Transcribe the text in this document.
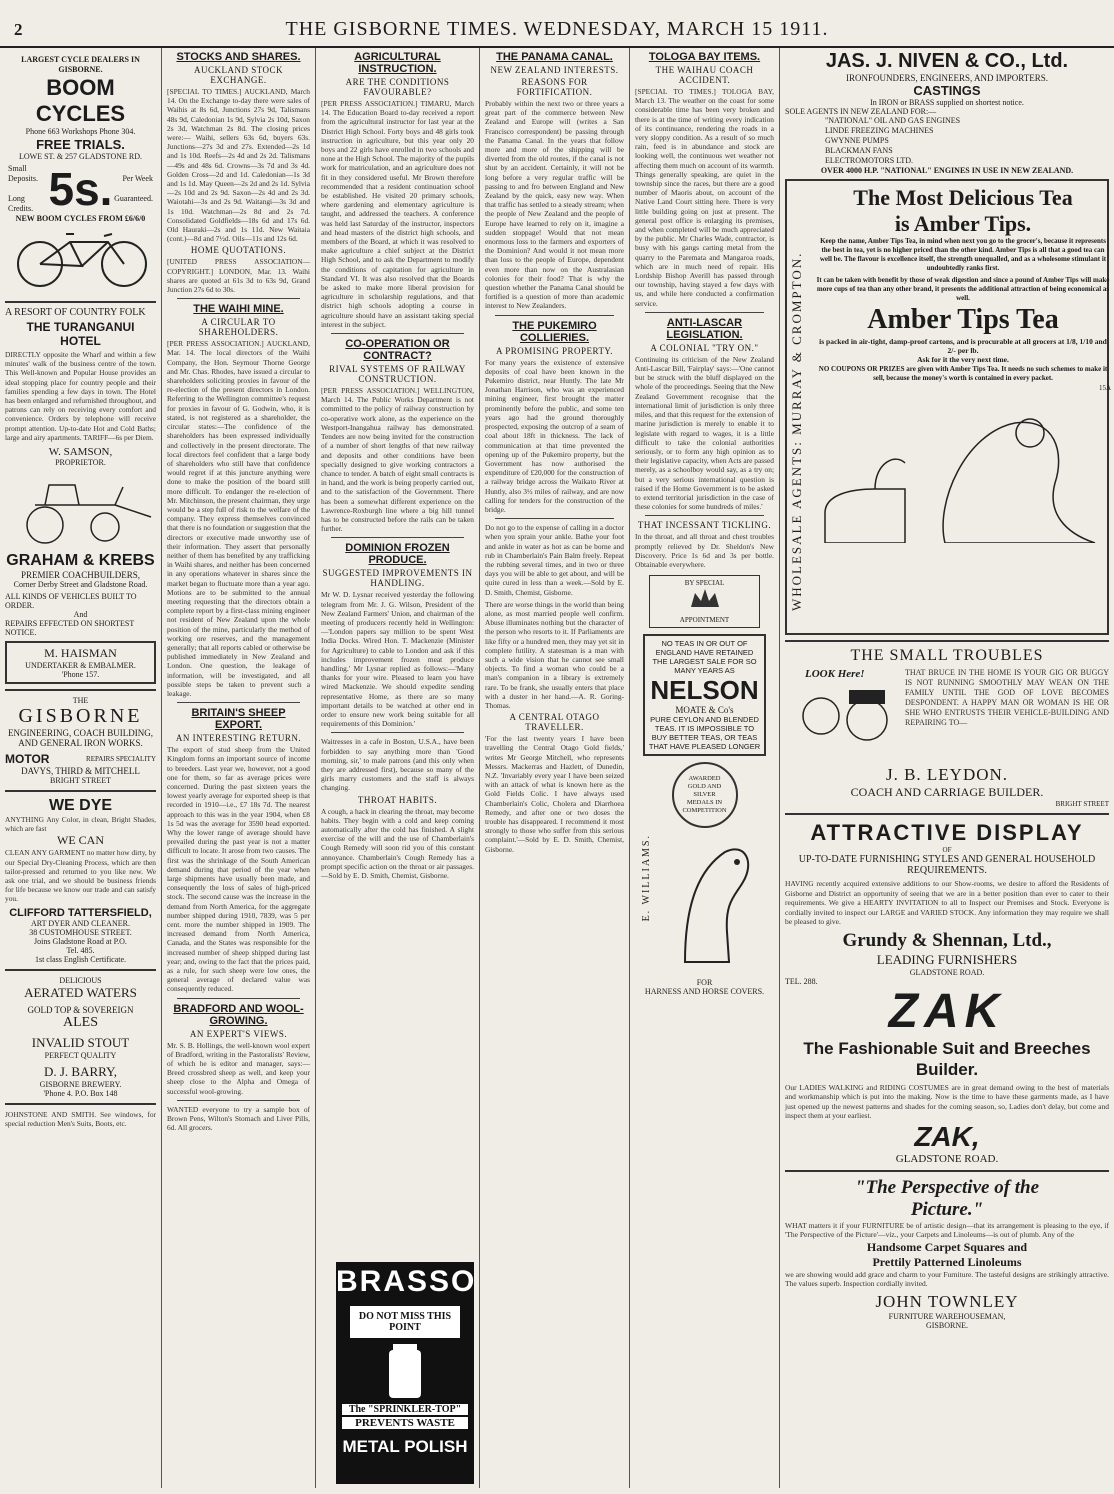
2	THE GISBORNE TIMES. WEDNESDAY, MARCH 15 1911.
LARGEST CYCLE DEALERS IN GISBORNE.
BOOM CYCLES
Phone 663 Workshops Phone 304.
FREE TRIALS.
LOWE ST. & 257 GLADSTONE RD.
Small Deposits.
Long Credits. 5s.	Per Week
Guaranteed.
NEW BOOM CYCLES FROM £6/6/0
A RESORT OF COUNTRY FOLK
THE TURANGANUI HOTEL
DIRECTLY opposite the Wharf and within a few minutes' walk of the business centre of the town. This Well-known and Popular House provides an ideal stopping place for country people and their families spending a few days in town. The Hotel has been enlarged and refurnished throughout, and patrons can rely on receiving every comfort and convenience. Orders by telephone will receive prompt attention. Up-to-date Hot and Cold Baths; large and airy apartments. TARIFF—6s per Diem.
W. SAMSON,
PROPRIETOR.
GRAHAM & KREBS
PREMIER COACHBUILDERS,
Corner Derby Street and Gladstone Road.
ALL KINDS OF VEHICLES BUILT TO ORDER.
And
REPAIRS EFFECTED ON SHORTEST NOTICE.
M. HAISMAN
UNDERTAKER & EMBALMER.
'Phone 157.
THE
GISBORNE
ENGINEERING, COACH BUILDING, AND GENERAL IRON WORKS.
MOTOR	REPAIRS SPECIALITY
DAVYS, THIRD & MITCHELL
BRIGHT STREET
WE DYE
ANYTHING Any Color, in clean, Bright Shades, which are fast
WE CAN
CLEAN ANY GARMENT no matter how dirty, by our Special Dry-Cleaning Process, which are then tailor-pressed and returned to you like new. We ask one trial, and we should be business friends for life because we know our trade and can satisfy you.
CLIFFORD TATTERSFIELD,
ART DYER AND CLEANER.
38 CUSTOMHOUSE STREET.
Joins Gladstone Road at P.O.
Tel. 485.
1st class English Certificate.
DELICIOUS
AERATED WATERS
GOLD TOP & SOVEREIGN
ALES
INVALID STOUT
PERFECT QUALITY
D. J. BARRY,
GISBORNE BREWERY.
'Phone 4. P.O. Box 148
JOHNSTONE AND SMITH. See windows, for special reduction Men's Suits, Boots, etc.
STOCKS AND SHARES.
AUCKLAND STOCK EXCHANGE.
[SPECIAL TO TIMES.] AUCKLAND, March 14. On the Exchange to-day there were sales of Waihis at 8s 6d, Junctions 27s 9d, Talismans 48s 9d, Caledonian 1s 9d, Sylvia 2s 10d, Saxon 2s 3d, Watchman 2s 8d. The closing prices were:— Waihi, sellers 63s 6d, buyers 63s. Junctions—27s 3d and 27s. Extended—2s 1d and 1s 10d. Reefs—2s 4d and 2s 2d. Talismans—49s and 48s 6d. Crowns—3s 7d and 3s 4d. Golden Cross—2d and 1d. Caledonian—1s 3d and 1s 1d. May Queen—2s 2d and 2s 1d. Sylvia—2s 10d and 2s 9d. Saxon—2s 4d and 2s 3d. Waiotahi—3s and 2s 9d. Waitangi—3s 3d and 1s 10d. Watchman—2s 8d and 2s 7d. Consolidated Goldfields—18s 6d and 17s 6d. Old Hauraki—2s and 1s 11d. New Waitaia (cont.)—8d and 7½d. Oils—11s and 12s 6d.
HOME QUOTATIONS.
[UNITED PRESS ASSOCIATION—COPYRIGHT.] LONDON, Mar. 13. Waihi shares are quoted at 61s 3d to 63s 9d, Grand Junction 27s 6d to 30s.
THE WAIHI MINE.
A CIRCULAR TO SHAREHOLDERS.
[PER PRESS ASSOCIATION.] AUCKLAND, Mar. 14. The local directors of the Waihi Company, the Hon. Seymour Thorne George and Mr. Chas. Rhodes, have issued a circular to shareholders soliciting proxies in favour of the re-election of the present directors in London. Referring to the Wellington committee's request for proxies in favour of G. Godwin, who, it is stated, is not registered as a shareholder, the circular states:—The confidence of the shareholders has been expressed individually and collectively in the present directorate. The local directors feel confident that a large body of shareholders who still have that confidence would regret if at this juncture anything were done to make the position of the board still more difficult. To endanger the re-election of Mr. Mitchinson, the present chairman, they urge would be a step full of risk to the welfare of the company. They express themselves convinced that there is no foundation or suggestion that the directors or executive made unworthy use of their information. They assert that personally neither of them has benefited by any trafficking in Waihi shares, and neither has been concerned in any operations whatever in shares since the market began to fluctuate more than a year ago. Motions are to be submitted to the annual meeting requesting that the directors obtain a complete report by a first-class mining engineer not resident of New Zealand upon the whole position of the mine, particularly the method of working ore reserves, and the management generally; that all reports cabled or otherwise be published immediately in New Zealand and London. One question, the leakage of information, will be investigated, and all possible steps be taken to prevent such a leakage.
BRITAIN'S SHEEP EXPORT.
AN INTERESTING RETURN.
The export of stud sheep from the United Kingdom forms an important source of income to breeders. Last year we, however, not a good one for them, so far as average prices were concerned. During the past sixteen years the lowest yearly average for exported sheep is that recorded in 1910—i.e., £7 18s 7d. The nearest approach to this was in the year 1904, when £8 1s 5d was the average for 3590 head exported. Why the lower range of average should have prevailed during the past year is not a matter difficult to locate. It arose from two causes. The first was the shrinkage of the South American demand during that period of the year when large shipments have usually been made, and consequently the loss of sales of high-priced stock. The second cause was the increase in the demand from North America, for the aggregate number shipped during 1910, 7839, was 5 per cent. more the number shipped in 1909. The increased demand from North America, Canada, and the States was responsible for the increased number of sheep shipped during last year; and, owing to the fact that the prices paid, as a rule, for such sheep were low ones, the general average of declared value was consequently reduced.
BRADFORD AND WOOL-GROWING.
AN EXPERT'S VIEWS.
Mr. S. B. Hollings, the well-known wool expert of Bradford, writing in the Pastoralists' Review, of which he is editor and manager, says:—Breed crossbred sheep as well, and keep your sheep close to the Alpha and Omega of successful wool-growing.
WANTED everyone to try a sample box of Brown Pens, Wilton's Stomach and Liver Pills, 6d. All grocers.
AGRICULTURAL INSTRUCTION.
ARE THE CONDITIONS FAVOURABLE?
[PER PRESS ASSOCIATION.] TIMARU, March 14. The Education Board to-day received a report from the agricultural instructor for last year at the District High School. Forty boys and 48 girls took instruction in agriculture, but this year only 20 boys and 22 girls have enrolled in two schools and none at the High School. The majority of the pupils work for matriculation, and an agriculture does not fit in they considered useful. Mr Brown therefore recommended that a resident continuation school be established. He visited 20 primary schools, where gardening and elementary agriculture is taught, and addressed the teachers. A conference was held last Saturday of the instructor, inspectors and head masters of the district high schools, and members of the Board, at which it was resolved to make agriculture a chief subject at the District High School, and to ask the Department to modify the conditions of capitation for agriculture in Standard VI. It was also resolved that the Boards be asked to make more liberal provision for agriculture in scholarship regulations, and that district high schools adopting a course in agriculture should have an assistant taking special interest in the subject.
CO-OPERATION OR CONTRACT?
RIVAL SYSTEMS OF RAILWAY CONSTRUCTION.
[PER PRESS ASSOCIATION.] WELLINGTON, March 14. The Public Works Department is not committed to the policy of railway construction by co-operative work alone, as the experience on the Westport-Inangahua railway has demonstrated. Tenders are now being invited for the construction of a number of short lengths of that new railway and deposits and other conditions have been specially designed to give working contractors a chance to tender. A batch of eight small contracts is in hand, and the work is being properly carried out, and to the satisfaction of the Government. There has been a somewhat different experience on the Lawrence-Roxburgh line where a big hill tunnel has to be constructed before the rails can be taken further.
DOMINION FROZEN PRODUCE.
SUGGESTED IMPROVEMENTS IN HANDLING.
Mr W. D. Lysnar received yesterday the following telegram from Mr. J. G. Wilson, President of the New Zealand Farmers' Union, and chairman of the meeting of producers recently held in Wellington:—'London papers say million to be spent West India Docks. Wired Hon. T. Mackenzie (Minister for Agriculture) to cable to London and ask if this includes improvement frozen meat produce handling.' Mr Lysnar replied as follows:—'Many thanks for your wire. Pleased to learn you have wired Mackenzie. We should expedite sending representative Home, as there are so many important details to be watched at other end in order to ensure new work being suitable for all requirements of this Dominion.'
Waitresses in a cafe in Boston, U.S.A., have been forbidden to say anything more than 'Good morning, sir,' to male patrons (and this only when they are addressed first), because so many of the girls marry customers and the staff is always changing.
THROAT HABITS.
A cough, a hack in clearing the throat, may become habits. They begin with a cold and keep coming automatically after the cold has finished. A slight exercise of the will and the use of Chamberlain's Cough Remedy will soon rid you of this constant annoyance. Chamberlain's Cough Remedy has a prompt specific action on the throat or air passages.—Sold by E. D. Smith, Chemist, Gisborne.
BRASSO
DO NOT MISS THIS POINT
The "SPRINKLER-TOP"
PREVENTS WASTE
METAL POLISH
THE PANAMA CANAL.
NEW ZEALAND INTERESTS.
REASONS FOR FORTIFICATION.
Probably within the next two or three years a great part of the commerce between New Zealand and Europe will (writes a San Francisco correspondent) be passing through the Panama Canal. In the years that follow more and more of the shipping will be diverted from the old routes, if the canal is not shut by an accident. Certainly, it will not be long before a very regular traffic will be passing to and fro between England and New Zealand by the quick, easy new way. When that traffic has settled to a steady stream; when the people of New Zealand and the people of Europe have learned to rely on it, imagine a sudden stoppage! Would that not mean enormous loss to the farmers and exporters of the Dominion? And would it not mean more than loss to the people of Europe, dependent even more than now on the Australasian colonies for their food? That is why the question whether the Panama Canal should be fortified is a question of more than academic interest to New Zealanders.
THE PUKEMIRO COLLIERIES.
A PROMISING PROPERTY.
For many years the existence of extensive deposits of coal have been known in the Pukemiro district, near Huntly. The late Mr Jonathan Harrison, who was an experienced mining engineer, first brought the matter prominently before the public, and some ten years ago had the ground thoroughly prospected, exposing the outcrop of a seam of coal about 18ft in thickness. The lack of communication at that time prevented the opening up of the Pukemiro property, but the Government has now authorised the expenditure of £20,000 for the construction of a railway bridge across the Waikato River at Huntly, also 3½ miles of railway, and are now calling for tenders for the construction of the bridge.
Do not go to the expense of calling in a doctor when you sprain your ankle. Bathe your foot and ankle in water as hot as can be borne and rub in Chamberlain's Pain Balm freely. Repeat the rubbing several times, and in two or three days you will be able to get about, and will be quite cured in less than a week.—Sold by E. D. Smith, Chemist, Gisborne.
There are worse things in the world than being alone, as most married people well confirm. Abuse illuminates nothing but the character of the person who resorts to it. If Parliaments are like fifty or a hundred men, they may yet sit in complete futility. A statesman is a man with such a wide vision that he cannot see small objects. To find a woman who could be a man's companion in a library is extremely rare. To be frank, she usually enters that place with a duster in her hand.—A. R. Goring-Thomas.
A CENTRAL OTAGO TRAVELLER.
'For the last twenty years I have been travelling the Central Otago Gold fields,' writes Mr George Mitchell, who represents Messrs. Mackerras and Hazlett, of Dunedin, N.Z. 'Invariably every year I have been seized with an attack of what is known here as the Gold Fields Colic. I have always used Chamberlain's Colic, Cholera and Diarrhoea Remedy, and after one or two doses the trouble has disappeared. I recommend it most strongly to those who suffer from this serious complaint.'—Sold by E. D. Smith, Chemist, Gisborne.
TOLOGA BAY ITEMS.
THE WAIHAU COACH ACCIDENT.
[SPECIAL TO TIMES.] TOLOGA BAY, March 13. The weather on the coast for some considerable time has been very broken and there is at the time of writing every indication of its continuance, rendering the roads in a very sloppy condition. As a result of so much rain, feed is in abundance and stock are looking well, the continuous wet weather not affecting them much on account of its warmth. Things generally speaking, are quiet in the township since the races, but there are a good number of Maoris about, on account of the Native Land Court sitting here. There is very little building going on just at present. The general post office is enlarging its premises, and when completed will be much appreciated by the public. Mr Charles Wade, contractor, is busy with his gangs carting metal from the quarry to the Paremata and Mangaroa roads, which are in much need of repair. His Lordship Bishop Averill has passed through our township, having stayed a few days with us, and while here conducted a confirmation service.
ANTI-LASCAR LEGISLATION.
A COLONIAL "TRY ON."
Continuing its criticism of the New Zealand Anti-Lascar Bill, 'Fairplay' says:—'One cannot but be struck with the bluff displayed on the whole of the proceedings. Seeing that the New Zealand Government recognise that the international limit of jurisdiction is only three miles, and that this request for the extension of marine jurisdiction is merely to enable it to legislate with regard to wages, it is a little difficult to take the colonial authorities seriously, or to form any high opinion as to their legislative capacity, when Acts are passed merely, as a schoolboy would say, as a try on; but a very serious international question is raised if the Home Government is to be asked to extend territorial jurisdiction in the case of these colonies for some hundreds of miles.'
THAT INCESSANT TICKLING.
In the throat, and all throat and chest troubles promptly relieved by Dr. Sheldon's New Discovery. Price 1s 6d and 3s per bottle. Obtainable everywhere.
BY SPECIAL
APPOINTMENT
NO TEAS IN OR OUT OF ENGLAND HAVE RETAINED THE LARGEST SALE FOR SO MANY YEARS AS
NELSON
MOATE & Co's
PURE CEYLON AND BLENDED TEAS. IT IS IMPOSSIBLE TO BUY BETTER TEAS, OR TEAS THAT HAVE PLEASED LONGER
AWARDED GOLD AND SILVER MEDALS IN COMPETITION
E. WILLIAMS.
FOR
HARNESS AND HORSE COVERS.
JAS. J. NIVEN & CO., Ltd.
IRONFOUNDERS, ENGINEERS, AND IMPORTERS.
CASTINGS
In IRON or BRASS supplied on shortest notice.
SOLE AGENTS IN NEW ZEALAND FOR:—
"NATIONAL" OIL AND GAS ENGINES
LINDE FREEZING MACHINES
GWYNNE PUMPS
BLACKMAN FANS
ELECTROMOTORS LTD.
OVER 4000 H.P. "NATIONAL" ENGINES IN USE IN NEW ZEALAND.
WHOLESALE AGENTS: MURRAY & CROMPTON.
The Most Delicious Tea
is Amber Tips.
Keep the name, Amber Tips Tea, in mind when next you go to the grocer's, because it represents the best in tea, yet is no higher priced than the other kind. Amber Tips is all that a good tea can well be. The flavour is excellence itself, the strength unequalled, and as a wholesome stimulant it undoubtedly ranks first.
It can be taken with benefit by those of weak digestion and since a pound of Amber Tips will make more cups of tea than any other brand, it presents the additional attraction of being economical as well.
Amber Tips Tea
is packed in air-tight, damp-proof cartons, and is procurable at all grocers at 1/8, 1/10 and 2/- per lb.
Ask for it the very next time.
NO COUPONS OR PRIZES are given with Amber Tips Tea. It needs no such schemes to make it sell, because the money's worth is contained in every packet.
15A
THE SMALL TROUBLES
LOOK Here!	THAT BRUCE IN THE HOME IS YOUR GIG OR BUGGY IS NOT RUNNING SMOOTHLY MAY WEAN ON THE FAMILY UNTIL THE GOD OF LOVE BECOMES DESPONDENT. A HAPPY MAN OR WOMAN IS HE OR SHE WHO ENTRUSTS THEIR VEHICLE-BUILDING AND REPAIRING TO—
J. B. LEYDON.
COACH AND CARRIAGE BUILDER.
BRIGHT STREET
ATTRACTIVE DISPLAY
OF
UP-TO-DATE FURNISHING STYLES AND GENERAL HOUSEHOLD REQUIREMENTS.
HAVING recently acquired extensive additions to our Show-rooms, we desire to afford the Residents of Gisborne and District an opportunity of seeing that we are in a better position than ever to cater to their requirements. We give a HEARTY INVITATION to all to Inspect our Premises and Stock. Everyone is cordially invited to inspect our LARGE and VARIED STOCK. Any information they may require we shall be pleased to give.
Grundy & Shennan, Ltd.,
LEADING FURNISHERS
GLADSTONE ROAD.
TEL. 288.
ZAK
The Fashionable Suit and Breeches Builder.
Our LADIES WALKING and RIDING COSTUMES are in great demand owing to the best of materials and workmanship which is put into the making. Now is the time to have these garments made, as I have just opened up the newest patterns and shades for the coming season, so, Ladies don't delay, but come and inspect them at your earliest.
ZAK,
GLADSTONE ROAD.
"The Perspective of the
Picture."
WHAT matters it if your FURNITURE be of artistic design—that its arrangement is pleasing to the eye, if 'The Perspective of the Picture'—viz., your Carpets and Linoleums—is out of plumb. Any of the
Handsome Carpet Squares and
Prettily Patterned Linoleums
we are showing would add grace and charm to your Furniture. The tasteful designs are strikingly attractive. The values superb. Inspection cordially invited.
JOHN TOWNLEY
FURNITURE WAREHOUSEMAN,
GISBORNE.
